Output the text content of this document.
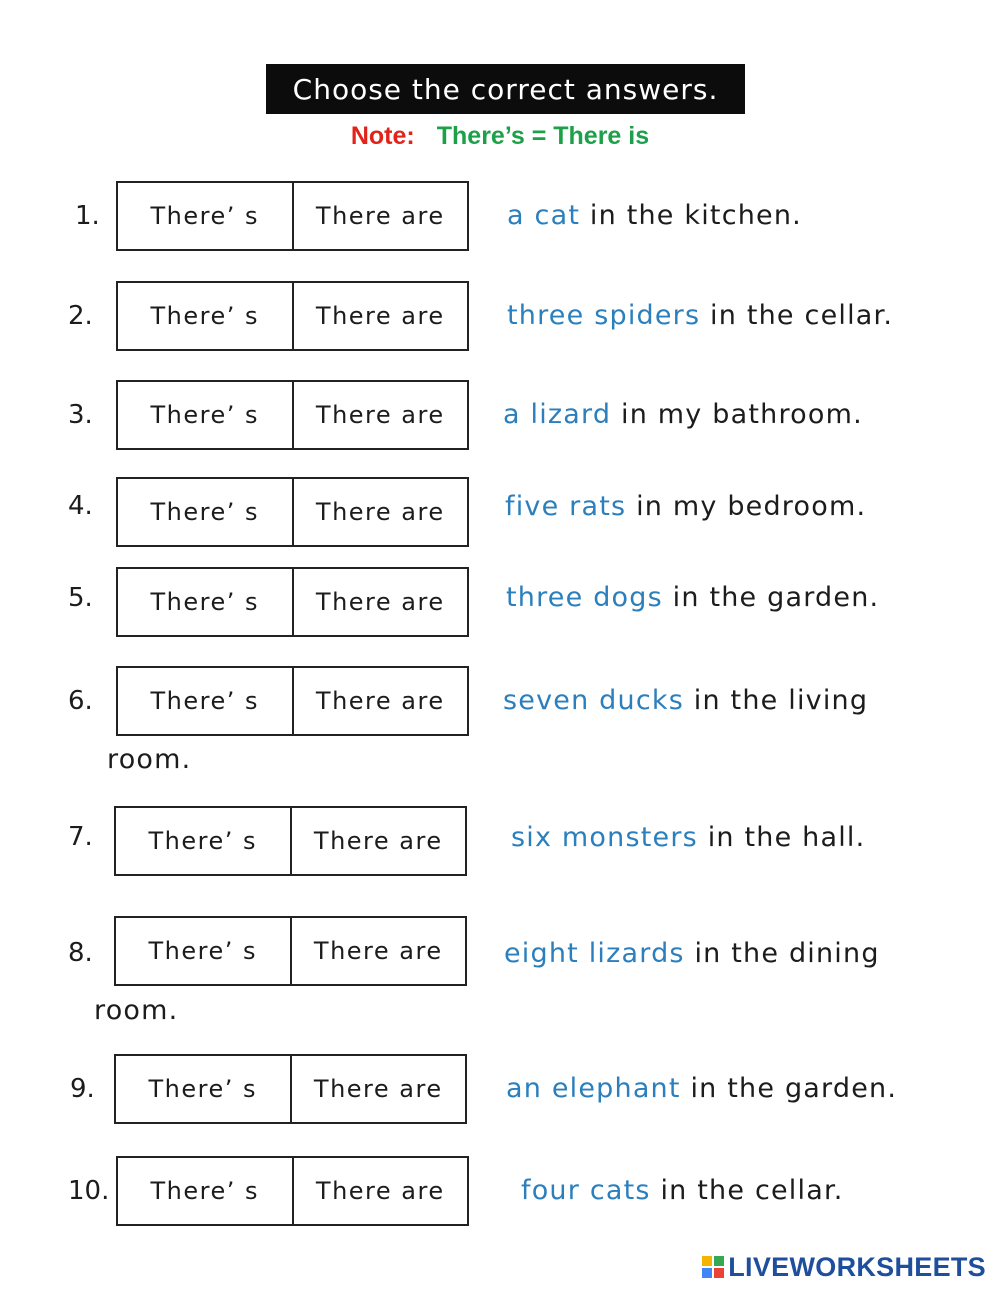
Choose the correct answers.
Note: There’s = There is
1.	There’ s	There are	a cat in the kitchen.
2.	There’ s	There are	three spiders in the cellar.
3.	There’ s	There are	a lizard in my bathroom.
4.	There’ s	There are	five rats in my bedroom.
5.	There’ s	There are	three dogs in the garden.
6.	There’ s	There are	seven ducks in the living
room.
7.	There’ s	There are	six monsters in the hall.
8.	There’ s	There are	eight lizards in the dining
room.
9.	There’ s	There are	an elephant in the garden.
10.	There’ s	There are	four cats in the cellar.
LIVEWORKSHEETS
